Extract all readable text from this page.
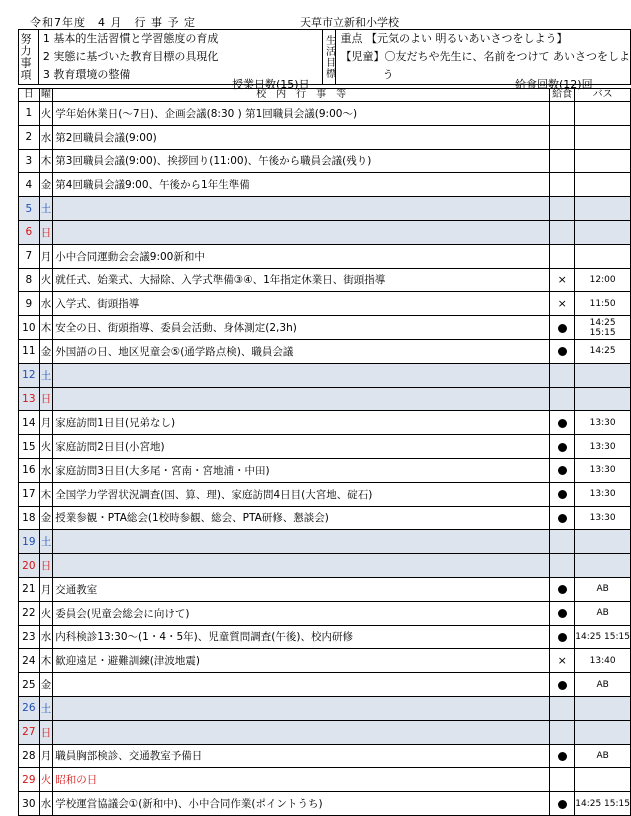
令和7年度　4 月　行 事 予 定	天草市立新和小学校
努力事項	1 基本的生活習慣と学習態度の育成
2 実態に基づいた教育目標の具現化
3 教育環境の整備	生活目標	重点 【元気のよい 明るいあいさつをしよう】
【児童】〇友だちや先生に、名前をつけて あいさつをしよ
う
授業日数(15)日	給食回数(12)回
日	曜	校　内　行　事　等	給食	バス
1	火	学年始休業日(～7日)、企画会議(8:30 ) 第1回職員会議(9:00～)		
2	水	第2回職員会議(9:00)		
3	木	第3回職員会議(9:00)、挨拶回り(11:00)、午後から職員会議(残り)		
4	金	第4回職員会議9:00、午後から1年生準備		
5	土			
6	日			
7	月	小中合同運動会会議9:00新和中		
8	火	就任式、始業式、大掃除、入学式準備③④、1年指定休業日、街頭指導	×	12:00
9	水	入学式、街頭指導	×	11:50
10	木	安全の日、街頭指導、委員会活動、身体測定(2,3h)		14:25
15:15

11	金	外国語の日、地区児童会⑤(通学路点検)、職員会議		14:25
12	土			
13	日			
14	月	家庭訪問1日目(兄弟なし)		13:30
15	火	家庭訪問2日目(小宮地)		13:30
16	水	家庭訪問3日目(大多尾・宮南・宮地浦・中田)		13:30
17	木	全国学力学習状況調査(国、算、理)、家庭訪問4日目(大宮地、碇石)		13:30
18	金	授業参観・PTA総会(1校時参観、総会、PTA研修、懇談会)		13:30
19	土			
20	日			
21	月	交通教室		AB
22	火	委員会(児童会総会に向けて)		AB
23	水	内科検診13:30～(1・4・5年)、児童質問調査(午後)、校内研修		14:25 15:15
24	木	歓迎遠足・避難訓練(津波地震)	×	13:40
25	金			AB
26	土			
27	日			
28	月	職員胸部検診、交通教室予備日		AB
29	火	昭和の日		
30	水	学校運営協議会①(新和中)、小中合同作業(ポイントうち)		14:25 15:15
